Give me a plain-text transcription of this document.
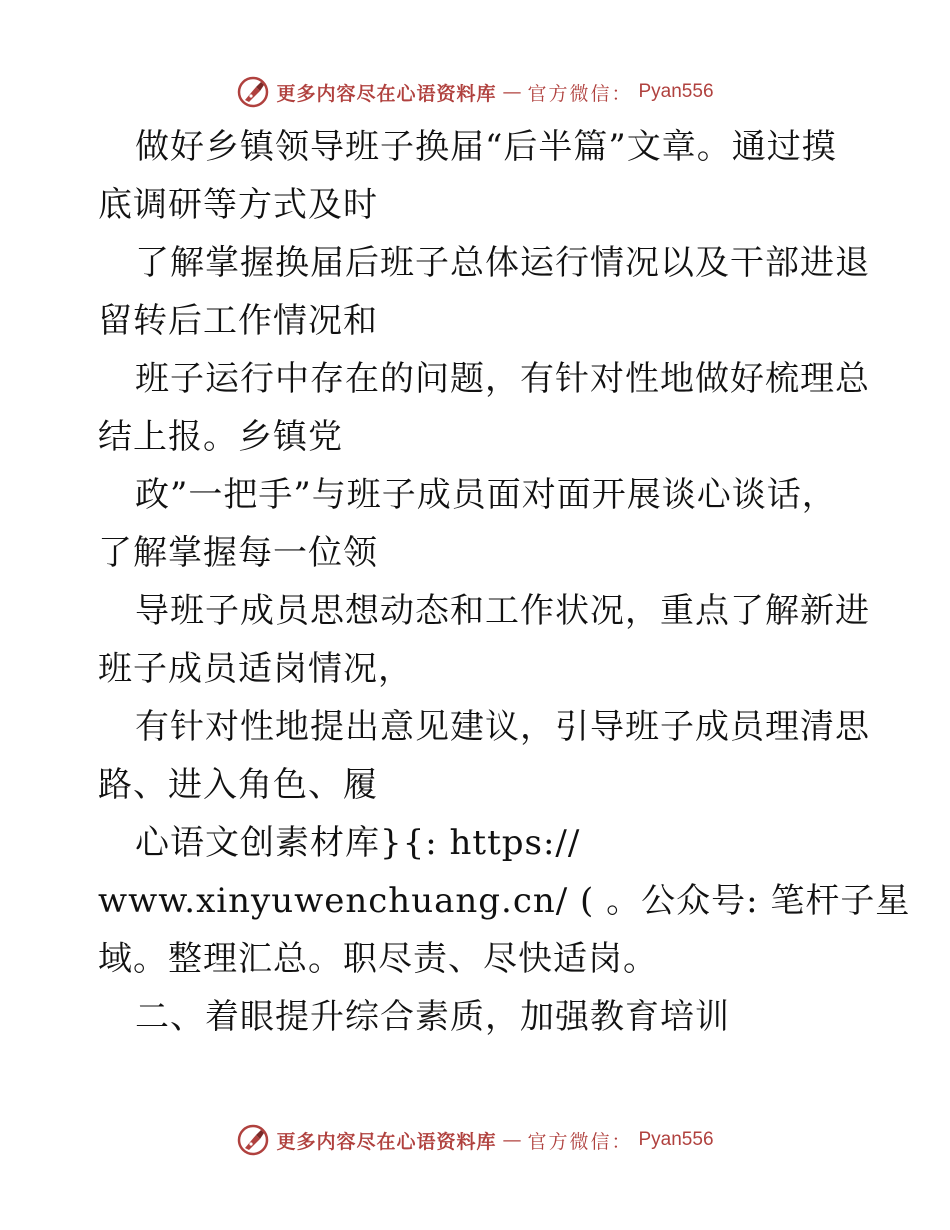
更多内容尽在心语资料库 — 官方微信： Pyan556
做好乡镇领导班子换届“后半篇”文章。通过摸
底调研等方式及时
了解掌握换届后班子总体运行情况以及干部进退
留转后工作情况和
班子运行中存在的问题，有针对性地做好梳理总
结上报。乡镇党
政”一把手”与班子成员面对面开展谈心谈话，
了解掌握每一位领
导班子成员思想动态和工作状况，重点了解新进
班子成员适岗情况，
有针对性地提出意见建议，引导班子成员理清思
路、进入角色、履
心语文创素材库}{: https://
www.xinyuwenchuang.cn/ ( 。公众号: 笔杆子星
域。整理汇总。职尽责、尽快适岗。
二、着眼提升综合素质，加强教育培训
更多内容尽在心语资料库 — 官方微信： Pyan556
